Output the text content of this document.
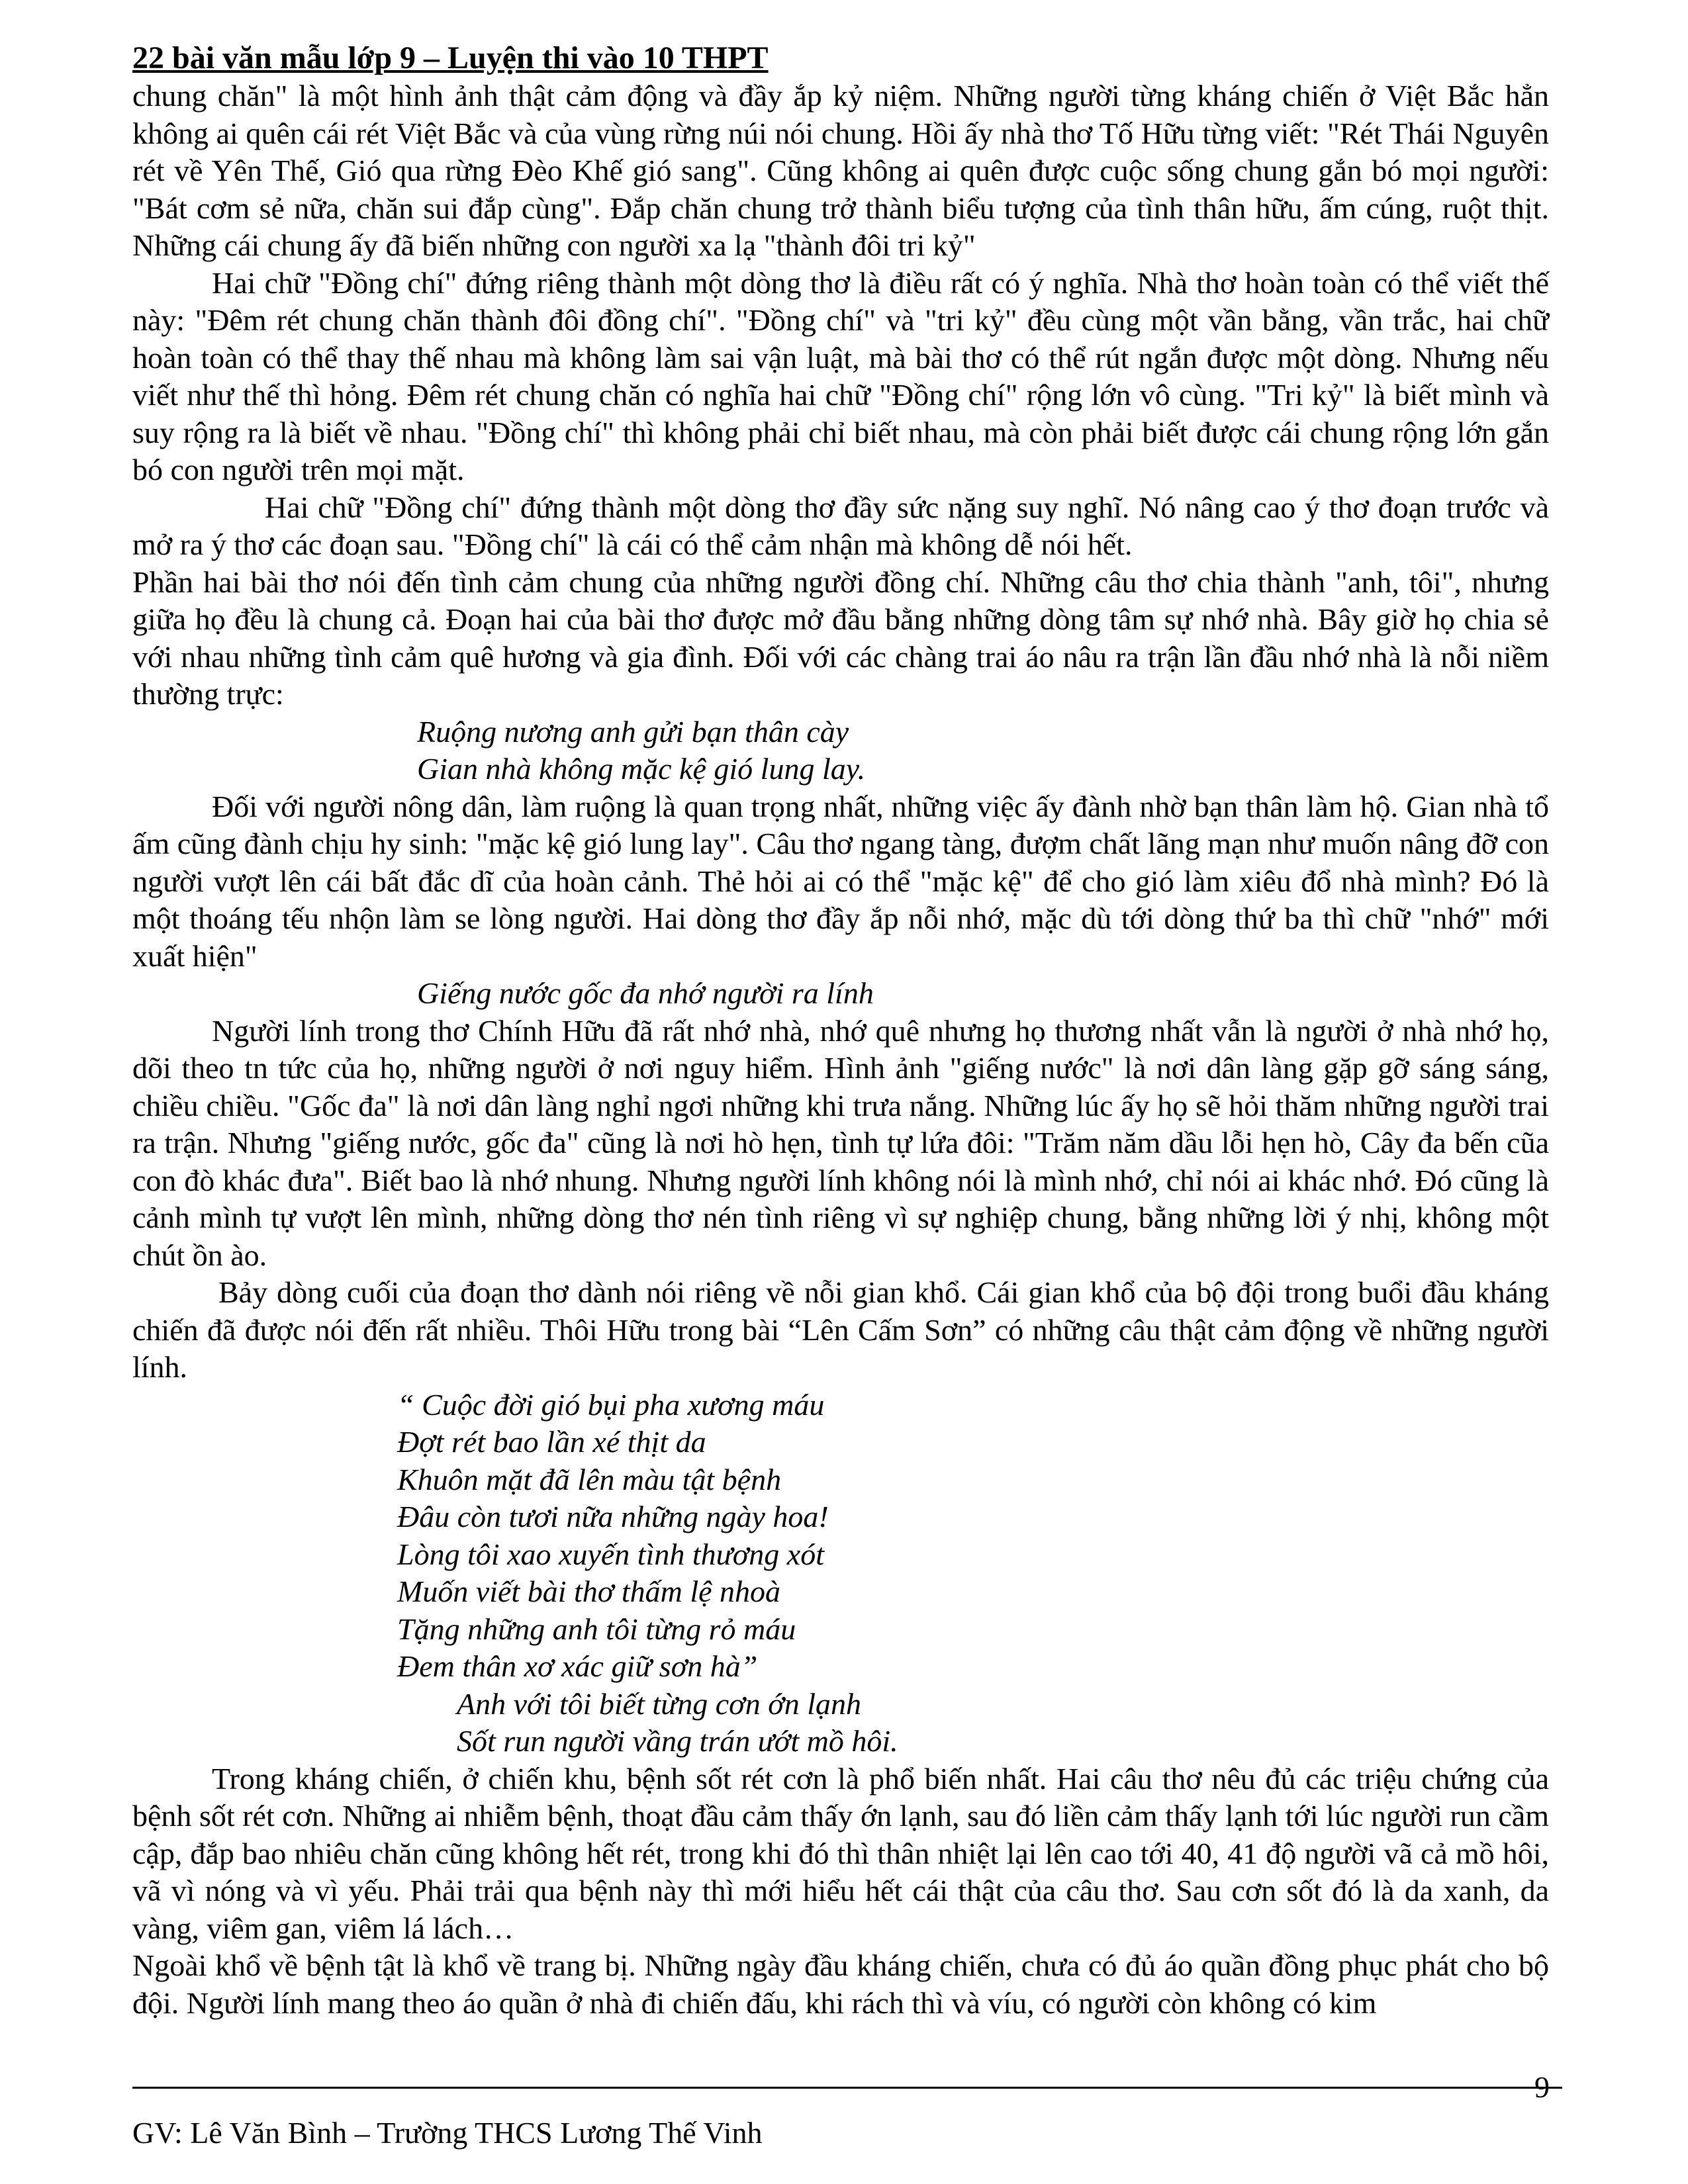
22 bài văn mẫu lớp 9 – Luyện thi vào 10 THPT

chung chăn" là một hình ảnh thật cảm động và đầy ắp kỷ niệm. Những người từng kháng chiến ở Việt Bắc hẳn không ai quên cái rét Việt Bắc và của vùng rừng núi nói chung. Hồi ấy nhà thơ Tố Hữu từng viết: "Rét Thái Nguyên rét về Yên Thế, Gió qua rừng Đèo Khế gió sang". Cũng không ai quên được cuộc sống chung gắn bó mọi người: "Bát cơm sẻ nữa, chăn sui đắp cùng". Đắp chăn chung trở thành biểu tượng của tình thân hữu, ấm cúng, ruột thịt. Những cái chung ấy đã biến những con người xa lạ "thành đôi tri kỷ"

Hai chữ "Đồng chí" đứng riêng thành một dòng thơ là điều rất có ý nghĩa. Nhà thơ hoàn toàn có thể viết thế này: "Đêm rét chung chăn thành đôi đồng chí". "Đồng chí" và "tri kỷ" đều cùng một vần bằng, vần trắc, hai chữ hoàn toàn có thể thay thế nhau mà không làm sai vận luật, mà bài thơ có thể rút ngắn được một dòng. Nhưng nếu viết như thế thì hỏng. Đêm rét chung chăn có nghĩa hai chữ "Đồng chí" rộng lớn vô cùng. "Tri kỷ" là biết mình và suy rộng ra là biết về nhau. "Đồng chí" thì không phải chỉ biết nhau, mà còn phải biết được cái chung rộng lớn gắn bó con người trên mọi mặt.

Hai chữ "Đồng chí" đứng thành một dòng thơ đầy sức nặng suy nghĩ. Nó nâng cao ý thơ đoạn trước và mở ra ý thơ các đoạn sau. "Đồng chí" là cái có thể cảm nhận mà không dễ nói hết.

Phần hai bài thơ nói đến tình cảm chung của những người đồng chí. Những câu thơ chia thành "anh, tôi", nhưng giữa họ đều là chung cả. Đoạn hai của bài thơ được mở đầu bằng những dòng tâm sự nhớ nhà. Bây giờ họ chia sẻ với nhau những tình cảm quê hương và gia đình. Đối với các chàng trai áo nâu ra trận lần đầu nhớ nhà là nỗi niềm thường trực:

Ruộng nương anh gửi bạn thân cày

Gian nhà không mặc kệ gió lung lay.

Đối với người nông dân, làm ruộng là quan trọng nhất, những việc ấy đành nhờ bạn thân làm hộ. Gian nhà tổ ấm cũng đành chịu hy sinh: "mặc kệ gió lung lay". Câu thơ ngang tàng, đượm chất lãng mạn như muốn nâng đỡ con người vượt lên cái bất đắc dĩ của hoàn cảnh. Thẻ hỏi ai có thể "mặc kệ" để cho gió làm xiêu đổ nhà mình? Đó là một thoáng tếu nhộn làm se lòng người. Hai dòng thơ đầy ắp nỗi nhớ, mặc dù tới dòng thứ ba thì chữ "nhớ" mới xuất hiện"

Giếng nước gốc đa nhớ người ra lính

Người lính trong thơ Chính Hữu đã rất nhớ nhà, nhớ quê nhưng họ thương nhất vẫn là người ở nhà nhớ họ, dõi theo tn tức của họ, những người ở nơi nguy hiểm. Hình ảnh "giếng nước" là nơi dân làng gặp gỡ sáng sáng, chiều chiều. "Gốc đa" là nơi dân làng nghỉ ngơi những khi trưa nắng. Những lúc ấy họ sẽ hỏi thăm những người trai ra trận. Nhưng "giếng nước, gốc đa" cũng là nơi hò hẹn, tình tự lứa đôi: "Trăm năm dầu lỗi hẹn hò, Cây đa bến cũa con đò khác đưa". Biết bao là nhớ nhung. Nhưng người lính không nói là mình nhớ, chỉ nói ai khác nhớ. Đó cũng là cảnh mình tự vượt lên mình, những dòng thơ nén tình riêng vì sự nghiệp chung, bằng những lời ý nhị, không một chút ồn ào.

Bảy dòng cuối của đoạn thơ dành nói riêng về nỗi gian khổ. Cái gian khổ của bộ đội trong buổi đầu kháng chiến đã được nói đến rất nhiều. Thôi Hữu trong bài “Lên Cấm Sơn” có những câu thật cảm động về những người lính.

“ Cuộc đời gió bụi pha xương máu

Đợt rét bao lần xé thịt da

Khuôn mặt đã lên màu tật bệnh

Đâu còn tươi nữa những ngày hoa!

Lòng tôi xao xuyến tình thương xót

Muốn viết bài thơ thấm lệ nhoà

Tặng những anh tôi từng rỏ máu

Đem thân xơ xác giữ sơn hà”

Anh với tôi biết từng cơn ớn lạnh

Sốt run người vầng trán ướt mồ hôi.

Trong kháng chiến, ở chiến khu, bệnh sốt rét cơn là phổ biến nhất. Hai câu thơ nêu đủ các triệu chứng của bệnh sốt rét cơn. Những ai nhiễm bệnh, thoạt đầu cảm thấy ớn lạnh, sau đó liền cảm thấy lạnh tới lúc người run cầm cập, đắp bao nhiêu chăn cũng không hết rét, trong khi đó thì thân nhiệt lại lên cao tới 40, 41 độ người vã cả mồ hôi, vã vì nóng và vì yếu. Phải trải qua bệnh này thì mới hiểu hết cái thật của câu thơ. Sau cơn sốt đó là da xanh, da vàng, viêm gan, viêm lá lách…

Ngoài khổ về bệnh tật là khổ về trang bị. Những ngày đầu kháng chiến, chưa có đủ áo quần đồng phục phát cho bộ đội. Người lính mang theo áo quần ở nhà đi chiến đấu, khi rách thì và víu, có người còn không có kim

9
GV: Lê Văn Bình – Trường THCS Lương Thế Vinh
